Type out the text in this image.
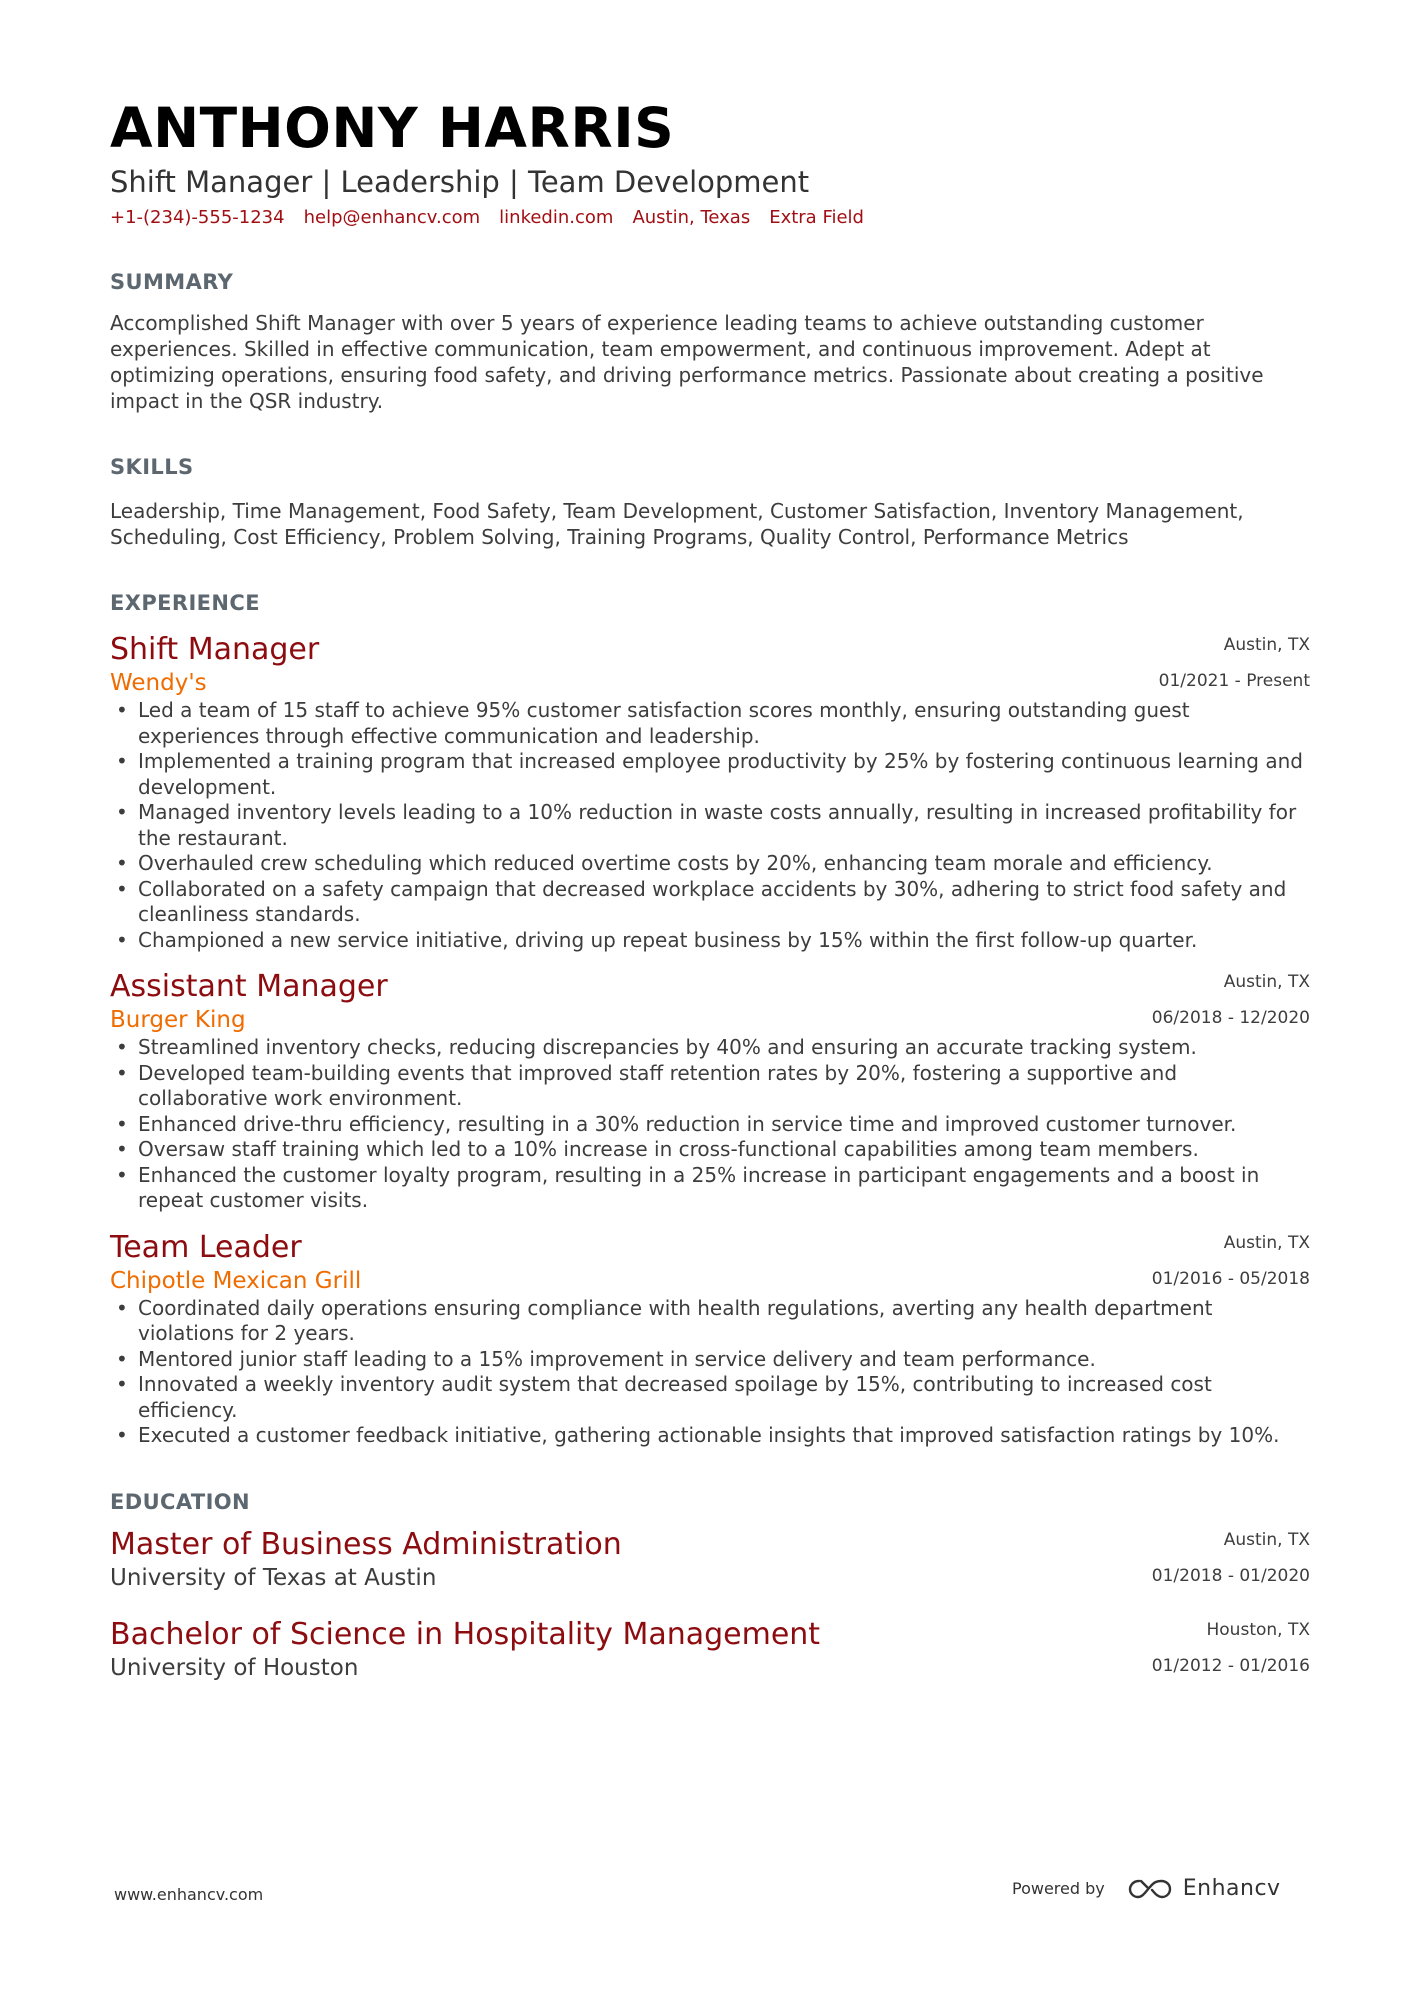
ANTHONY HARRIS
Shift Manager | Leadership | Team Development
+1-(234)-555-1234 help@enhancv.com linkedin.com Austin, Texas Extra Field
SUMMARY

Accomplished Shift Manager with over 5 years of experience leading teams to achieve outstanding customer experiences. Skilled in effective communication, team empowerment, and continuous improvement. Adept at optimizing operations, ensuring food safety, and driving performance metrics. Passionate about creating a positive impact in the QSR industry.

SKILLS

Leadership, Time Management, Food Safety, Team Development, Customer Satisfaction, Inventory Management, Scheduling, Cost Efficiency, Problem Solving, Training Programs, Quality Control, Performance Metrics

EXPERIENCE
Shift Manager
Wendy's
Austin, TX
01/2021 - Present
• Led a team of 15 staff to achieve 95% customer satisfaction scores monthly, ensuring outstanding guest experiences through effective communication and leadership.
• Implemented a training program that increased employee productivity by 25% by fostering continuous learning and development.
• Managed inventory levels leading to a 10% reduction in waste costs annually, resulting in increased profitability for the restaurant.
• Overhauled crew scheduling which reduced overtime costs by 20%, enhancing team morale and efficiency.
• Collaborated on a safety campaign that decreased workplace accidents by 30%, adhering to strict food safety and cleanliness standards.
• Championed a new service initiative, driving up repeat business by 15% within the first follow-up quarter.
Assistant Manager
Burger King
Austin, TX
06/2018 - 12/2020
• Streamlined inventory checks, reducing discrepancies by 40% and ensuring an accurate tracking system.
• Developed team-building events that improved staff retention rates by 20%, fostering a supportive and collaborative work environment.
• Enhanced drive-thru efficiency, resulting in a 30% reduction in service time and improved customer turnover.
• Oversaw staff training which led to a 10% increase in cross-functional capabilities among team members.
• Enhanced the customer loyalty program, resulting in a 25% increase in participant engagements and a boost in repeat customer visits.
Team Leader
Chipotle Mexican Grill
Austin, TX
01/2016 - 05/2018
• Coordinated daily operations ensuring compliance with health regulations, averting any health department violations for 2 years.
• Mentored junior staff leading to a 15% improvement in service delivery and team performance.
• Innovated a weekly inventory audit system that decreased spoilage by 15%, contributing to increased cost efficiency.
• Executed a customer feedback initiative, gathering actionable insights that improved satisfaction ratings by 10%.
EDUCATION
Master of Business Administration
University of Texas at Austin
Austin, TX
01/2018 - 01/2020
Bachelor of Science in Hospitality Management
University of Houston
Houston, TX
01/2012 - 01/2016
www.enhancv.com	Powered by	Enhancv
